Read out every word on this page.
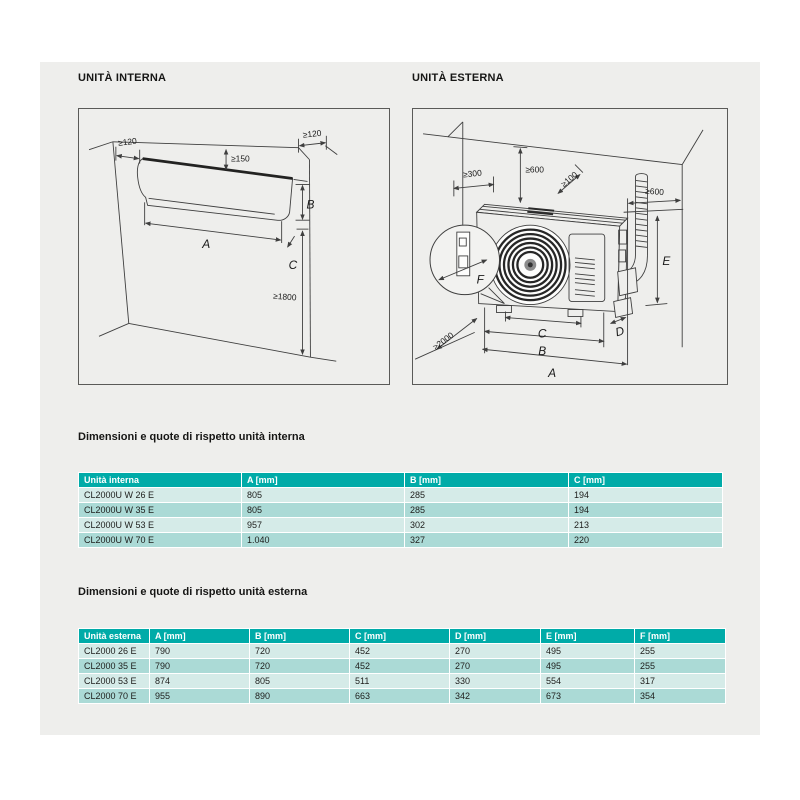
UNITÀ INTERNA	UNITÀ ESTERNA
≥120
≥150
≥120
B
A
C
≥1800
F
≥300	≥600 ≥100
≥600
E
D
C
B
A
≥2000
Dimensioni e quote di rispetto unità interna
Unità interna	A [mm]	B [mm]	C [mm]
CL2000U W 26 E	805	285	194
CL2000U W 35 E	805	285	194
CL2000U W 53 E	957	302	213
CL2000U W 70 E	1.040	327	220
Dimensioni e quote di rispetto unità esterna
Unità esterna	A [mm]	B [mm]	C [mm]	D [mm]	E [mm]	F [mm]
CL2000 26 E	790	720	452	270	495	255
CL2000 35 E	790	720	452	270	495	255
CL2000 53 E	874	805	511	330	554	317
CL2000 70 E	955	890	663	342	673	354
